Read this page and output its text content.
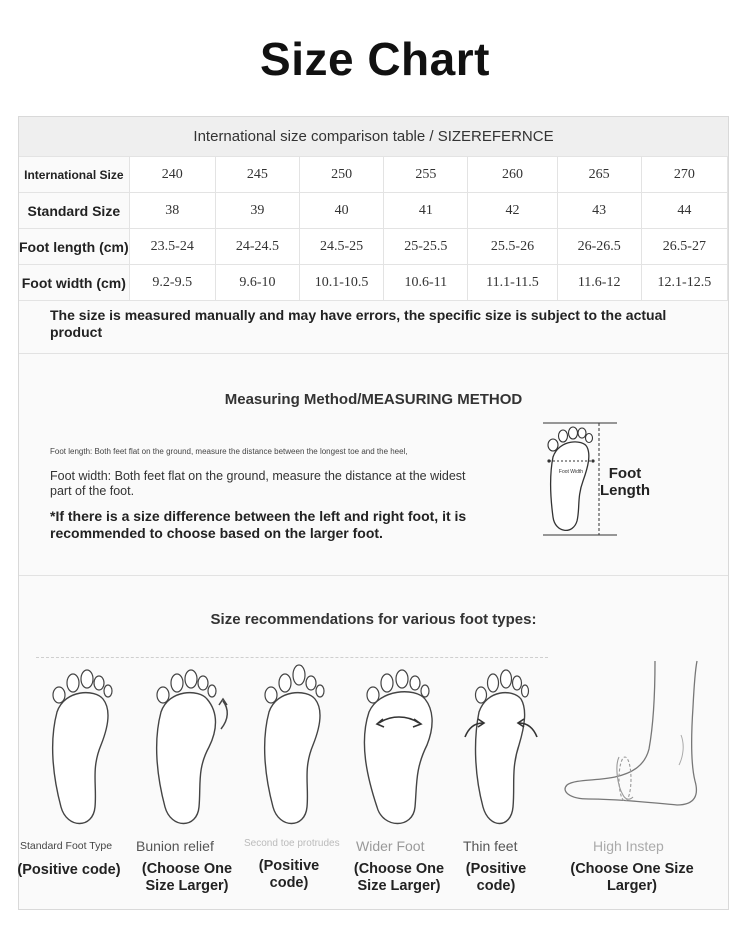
Size Chart
International size comparison table / SIZEREFERNCE
International Size	240	245	250	255	260	265	270
Standard Size	38	39	40	41	42	43	44
Foot length (cm)	23.5-24	24-24.5	24.5-25	25-25.5	25.5-26	26-26.5	26.5-27
Foot width (cm)	9.2-9.5	9.6-10	10.1-10.5	10.6-11	11.1-11.5	11.6-12	12.1-12.5
The size is measured manually and may have errors, the specific size is subject to the actual product
Measuring Method/MEASURING METHOD
Foot length: Both feet flat on the ground, measure the distance between the longest toe and the heel,
Foot width: Both feet flat on the ground, measure the distance at the widest part of the foot.
*If there is a size difference between the left and right foot, it is recommended to choose based on the larger foot.
Foot Width	Foot
Length
Size recommendations for various foot types:
Standard Foot Type Bunion relief	Second toe protrudes Wider Foot	Thin feet	High Instep
(Positive code)	(Choose One Size Larger)
(Positive code)
(Choose One Size Larger)
(Positive code)
(Choose One Size Larger)
